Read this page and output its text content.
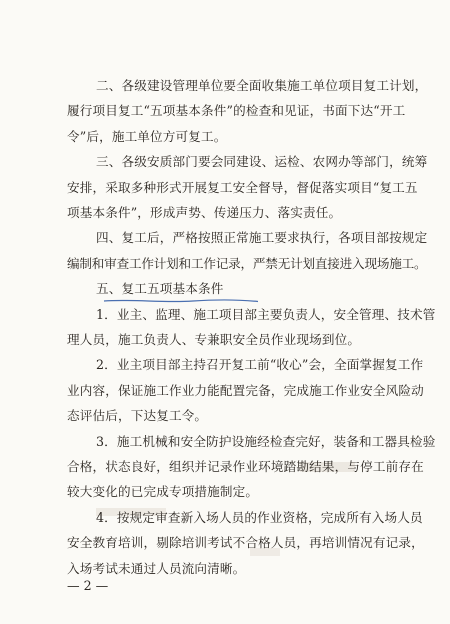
二、各级建设管理单位要全面收集施工单位项目复工计划，
履行项目复工“五项基本条件”的检查和见证，书面下达“开工
令”后，施工单位方可复工。
三、各级安质部门要会同建设、运检、农网办等部门，统筹
安排，采取多种形式开展复工安全督导，督促落实项目“复工五
项基本条件”，形成声势、传递压力、落实责任。
四、复工后，严格按照正常施工要求执行，各项目部按规定
编制和审查工作计划和工作记录，严禁无计划直接进入现场施工。
五、复工五项基本条件
1．业主、监理、施工项目部主要负责人，安全管理、技术管
理人员，施工负责人、专兼职安全员作业现场到位。
2．业主项目部主持召开复工前“收心”会，全面掌握复工作
业内容，保证施工作业力能配置完备，完成施工作业安全风险动
态评估后，下达复工令。
3．施工机械和安全防护设施经检查完好，装备和工器具检验
合格，状态良好，组织并记录作业环境踏勘结果，与停工前存在
较大变化的已完成专项措施制定。
4．按规定审查新入场人员的作业资格，完成所有入场人员
安全教育培训，剔除培训考试不合格人员，再培训情况有记录，
入场考试未通过人员流向清晰。
— 2 —
